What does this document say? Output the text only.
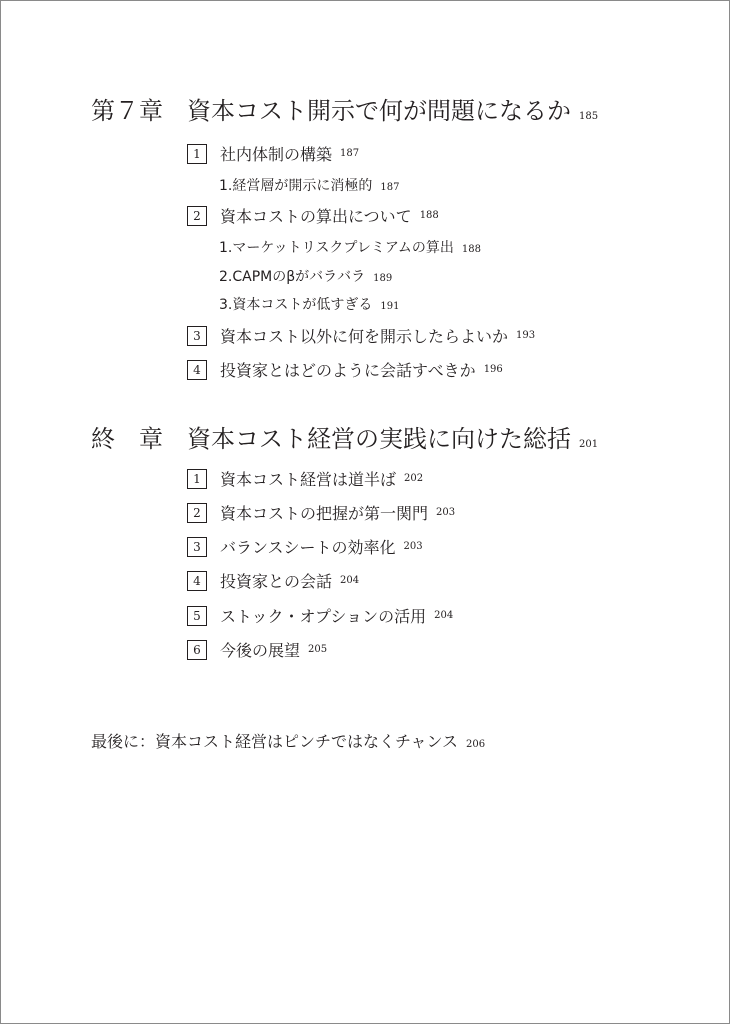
第７章	資本コスト開示で何が問題になるか 185
1	社内体制の構築 187
1.経営層が開示に消極的 187
2	資本コストの算出について 188
1.マーケットリスクプレミアムの算出 188
2.CAPMのβがバラバラ 189
3.資本コストが低すぎる 191
3	資本コスト以外に何を開示したらよいか 193
4	投資家とはどのように会話すべきか 196
終　章	資本コスト経営の実践に向けた総括 201
1	資本コスト経営は道半ば 202
2	資本コストの把握が第一関門 203
3	バランスシートの効率化 203
4	投資家との会話 204
5	ストック・オプションの活用 204
6	今後の展望 205
最後に：資本コスト経営はピンチではなくチャンス 206
